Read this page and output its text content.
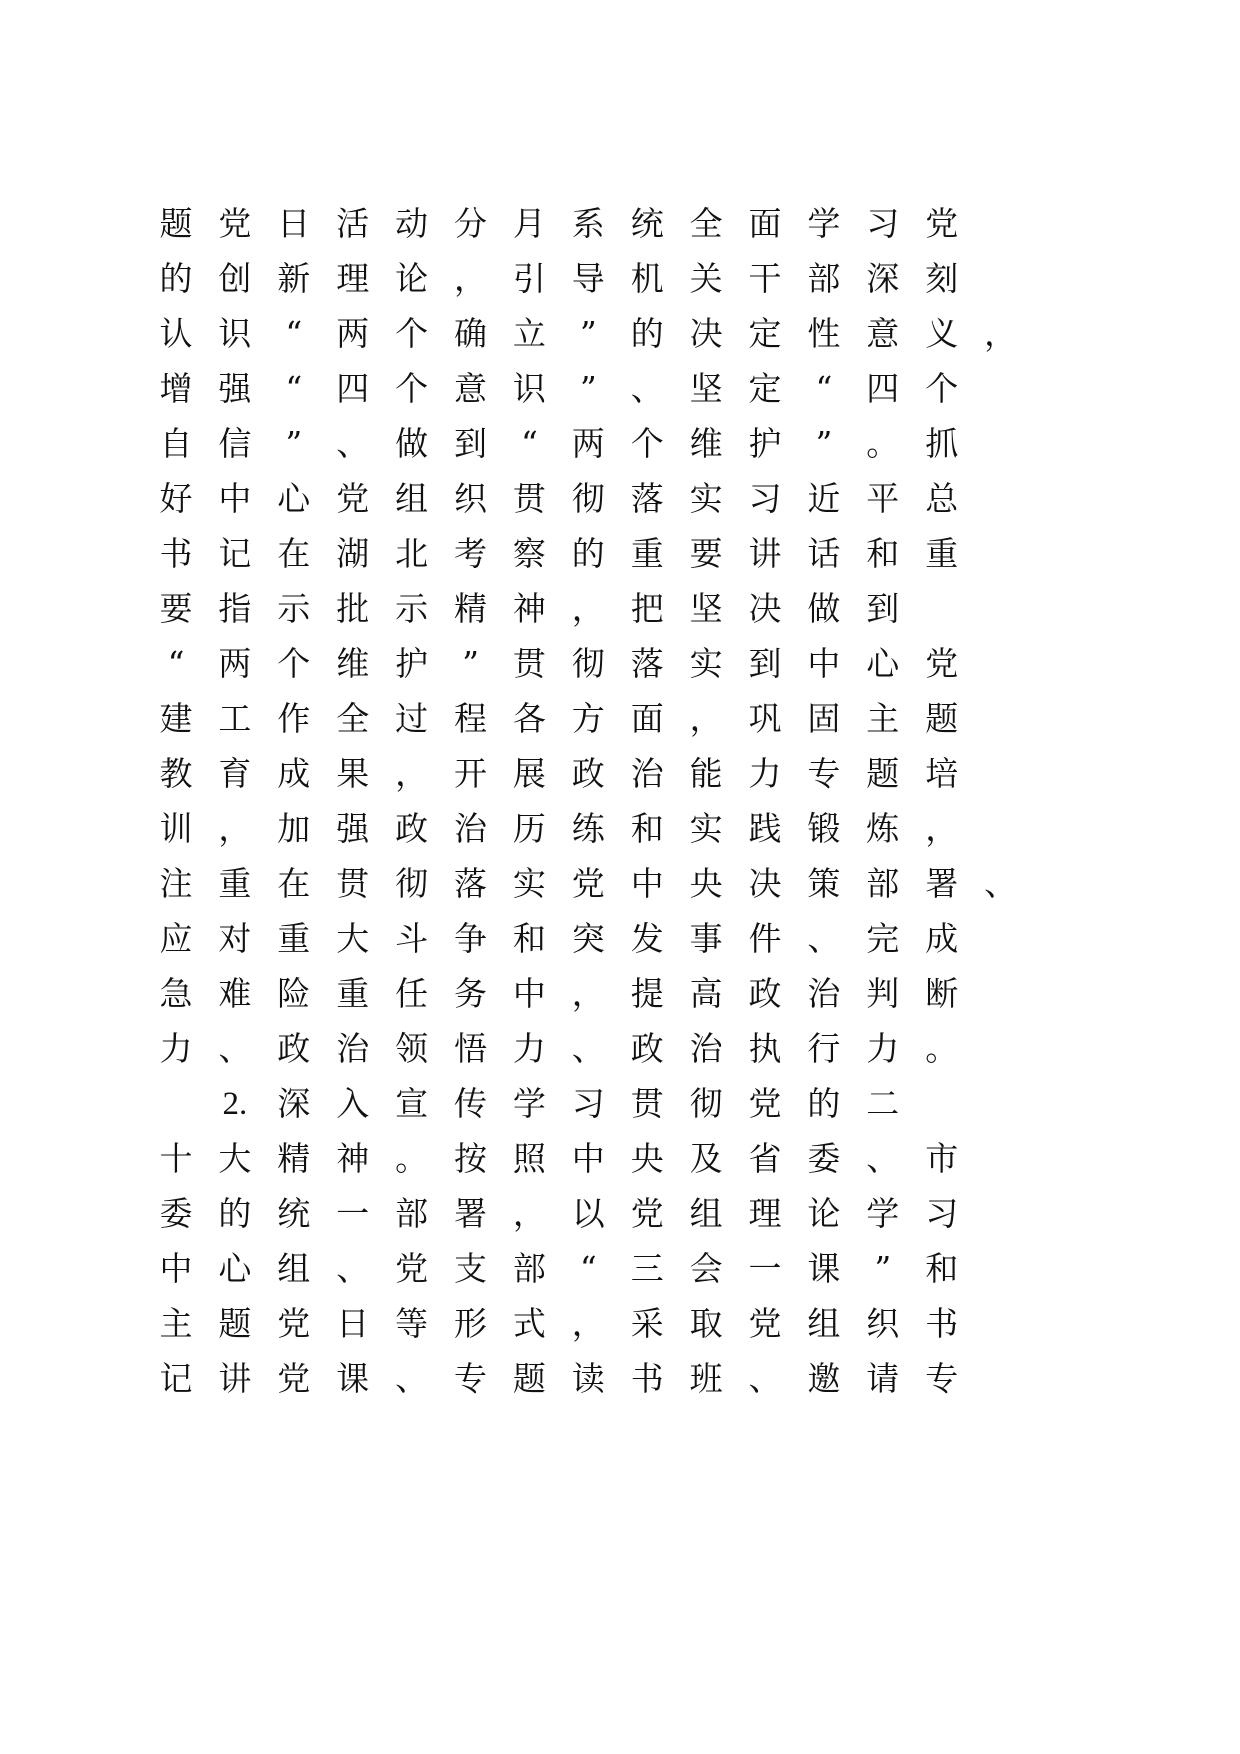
题 党 日 活 动 分 月 系 统 全 面 学 习 党
的 创 新 理 论 ， 引 导 机 关 干 部 深 刻
认 识	“	两 个 确 立	”	的 决 定 性 意 义 ，
增 强	“	四 个 意 识	”	、 坚 定	“	四 个
自 信	”	、 做 到	“	两 个 维 护	”	。 抓
好 中 心 党 组 织 贯 彻 落 实 习 近 平 总
书 记 在 湖 北 考 察 的 重 要 讲 话 和 重
要 指 示 批 示 精 神 ， 把 坚 决 做 到
“	两 个 维 护	”	贯 彻 落 实 到 中 心 党
建 工 作 全 过 程 各 方 面 ， 巩 固 主 题
教 育 成 果 ， 开 展 政 治 能 力 专 题 培
训 ， 加 强 政 治 历 练 和 实 践 锻 炼 ，
注 重 在 贯 彻 落 实 党 中 央 决 策 部 署 、
应 对 重 大 斗 争 和 突 发 事 件 、 完 成
急 难 险 重 任 务 中 ， 提 高 政 治 判 断
力 、 政 治 领 悟 力 、 政 治 执 行 力 。
2. 深 入 宣 传 学 习 贯 彻 党 的 二
十 大 精 神 。 按 照 中 央 及 省 委 、 市
委 的 统 一 部 署 ， 以 党 组 理 论 学 习
中 心 组 、 党 支 部	“	三 会 一 课	”	和
主 题 党 日 等 形 式 ， 采 取 党 组 织 书
记 讲 党 课 、 专 题 读 书 班 、 邀 请 专
